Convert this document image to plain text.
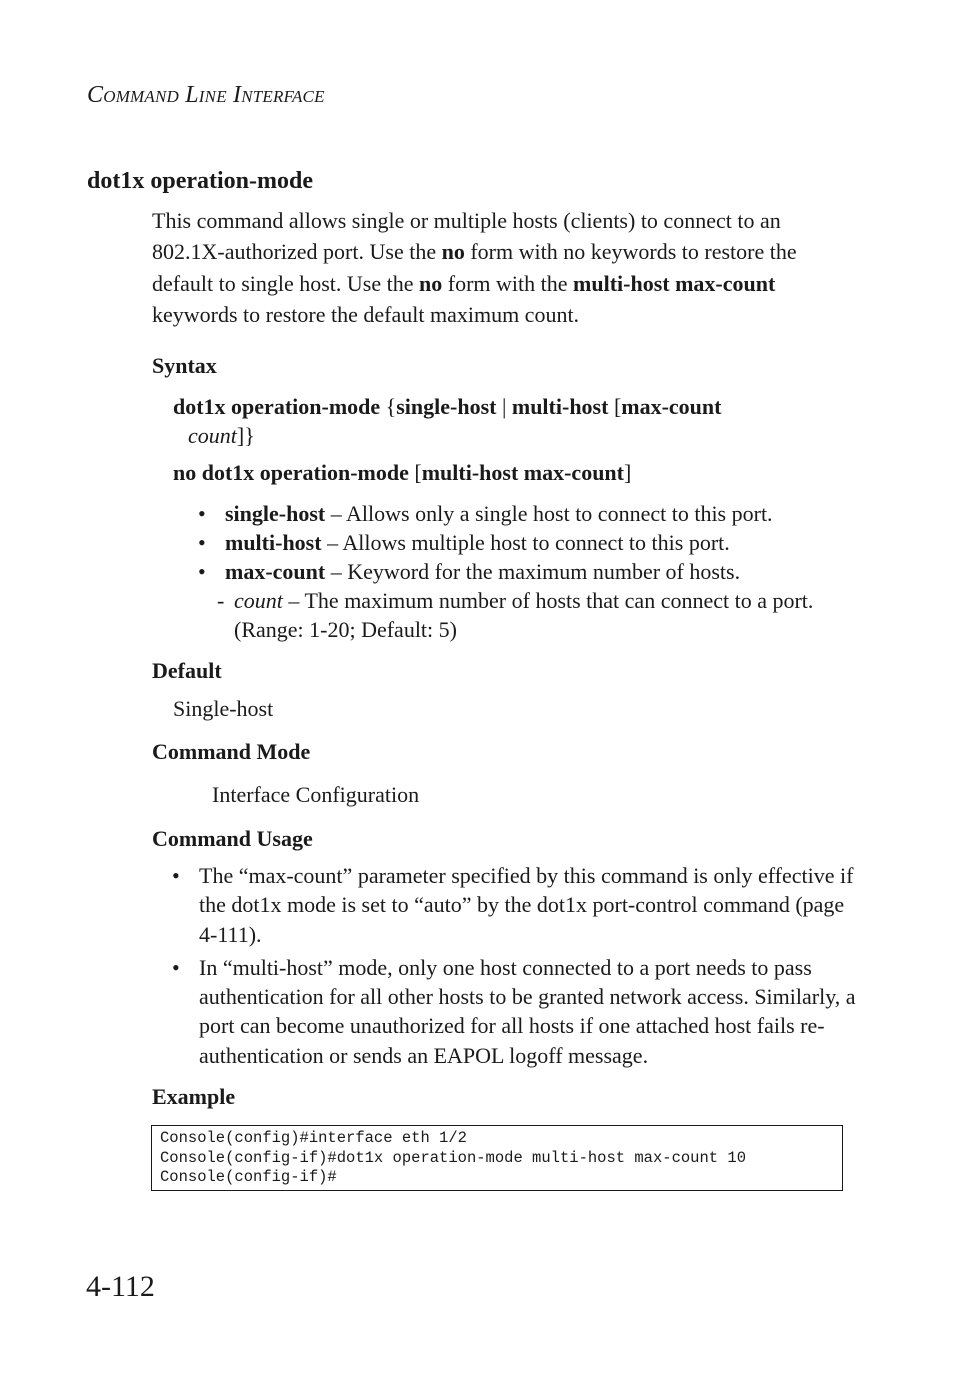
COMMAND LINE INTERFACE
dot1x operation-mode
This command allows single or multiple hosts (clients) to connect to an 802.1X-authorized port. Use the no form with no keywords to restore the default to single host. Use the no form with the multi-host max-count keywords to restore the default maximum count.
Syntax
dot1x operation-mode {single-host | multi-host [max-count
count]}
no dot1x operation-mode [multi-host max-count]
• single-host – Allows only a single host to connect to this port.
• multi-host – Allows multiple host to connect to this port.
• max-count – Keyword for the maximum number of hosts.
- count – The maximum number of hosts that can connect to a port.
(Range: 1-20; Default: 5)
Default
Single-host
Command Mode
Interface Configuration
Command Usage
• The “max-count” parameter specified by this command is only effective if the dot1x mode is set to “auto” by the dot1x port-control command (page 4-111).
• In “multi-host” mode, only one host connected to a port needs to pass authentication for all other hosts to be granted network access. Similarly, a port can become unauthorized for all hosts if one attached host fails re-authentication or sends an EAPOL logoff message.
Example
Console(config)#interface eth 1/2
Console(config-if)#dot1x operation-mode multi-host max-count 10
Console(config-if)#
4-112
